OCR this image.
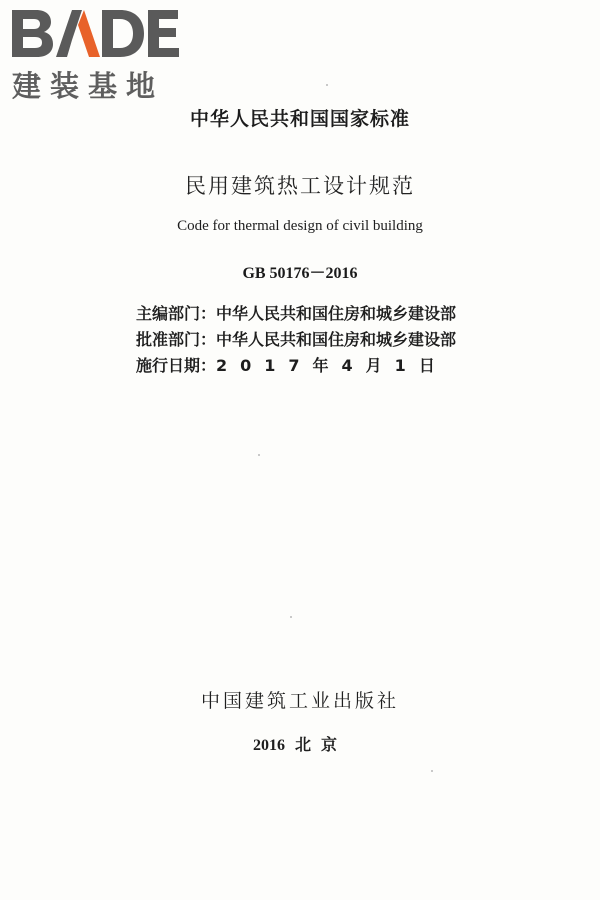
建装基地
中华人民共和国国家标准
民用建筑热工设计规范
Code for thermal design of civil building
GB 50176－2016
主编部门：中华人民共和国住房和城乡建设部
批准部门：中华人民共和国住房和城乡建设部
施行日期：2017年4月1日
中国建筑工业出版社
2016 北京
